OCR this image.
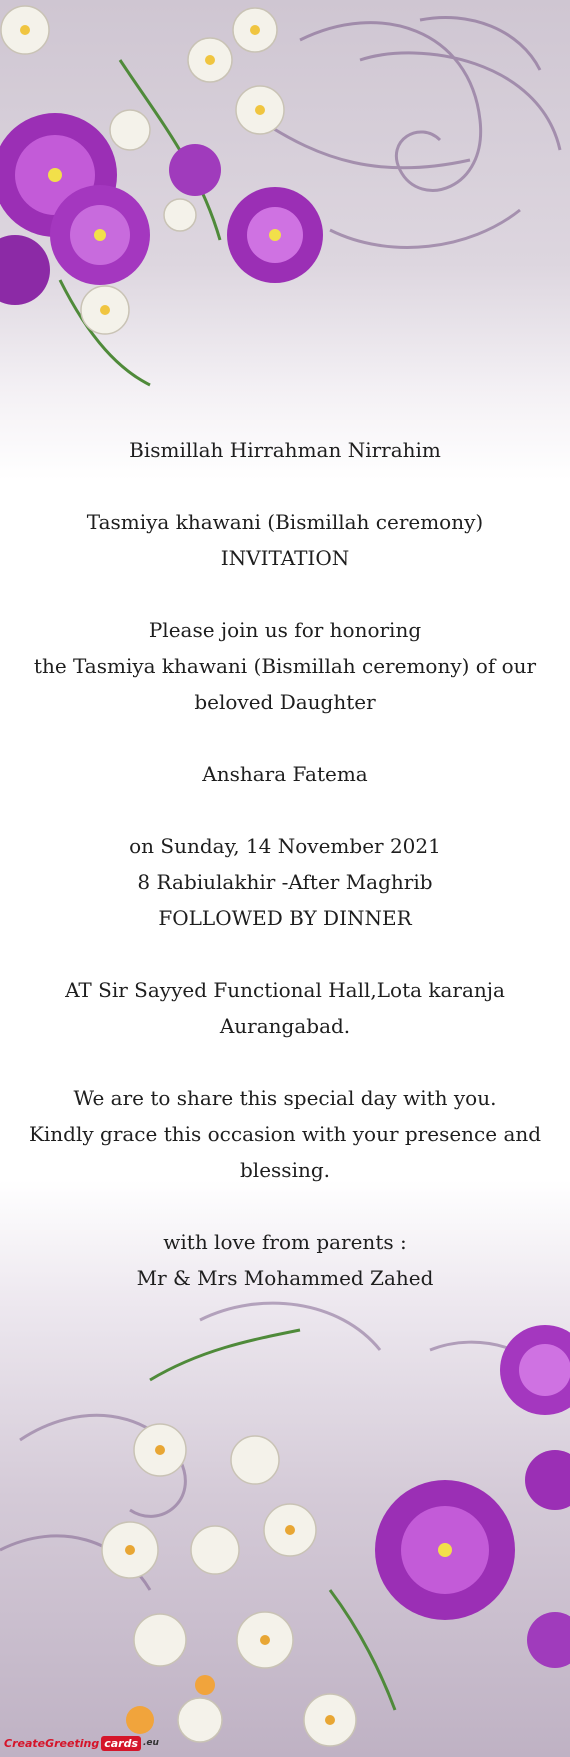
Bismillah Hirrahman Nirrahim

Tasmiya khawani (Bismillah ceremony)

INVITATION

Please join us for honoring

the Tasmiya khawani (Bismillah ceremony) of our

beloved Daughter

Anshara Fatema

on Sunday, 14 November 2021

8 Rabiulakhir -After Maghrib

FOLLOWED BY DINNER

AT Sir Sayyed Functional Hall,Lota karanja

Aurangabad.

We are to share this special day with you.

Kindly grace this occasion with your presence and

blessing.

with love from parents :

Mr & Mrs Mohammed Zahed

CreateGreeting cards .eu
